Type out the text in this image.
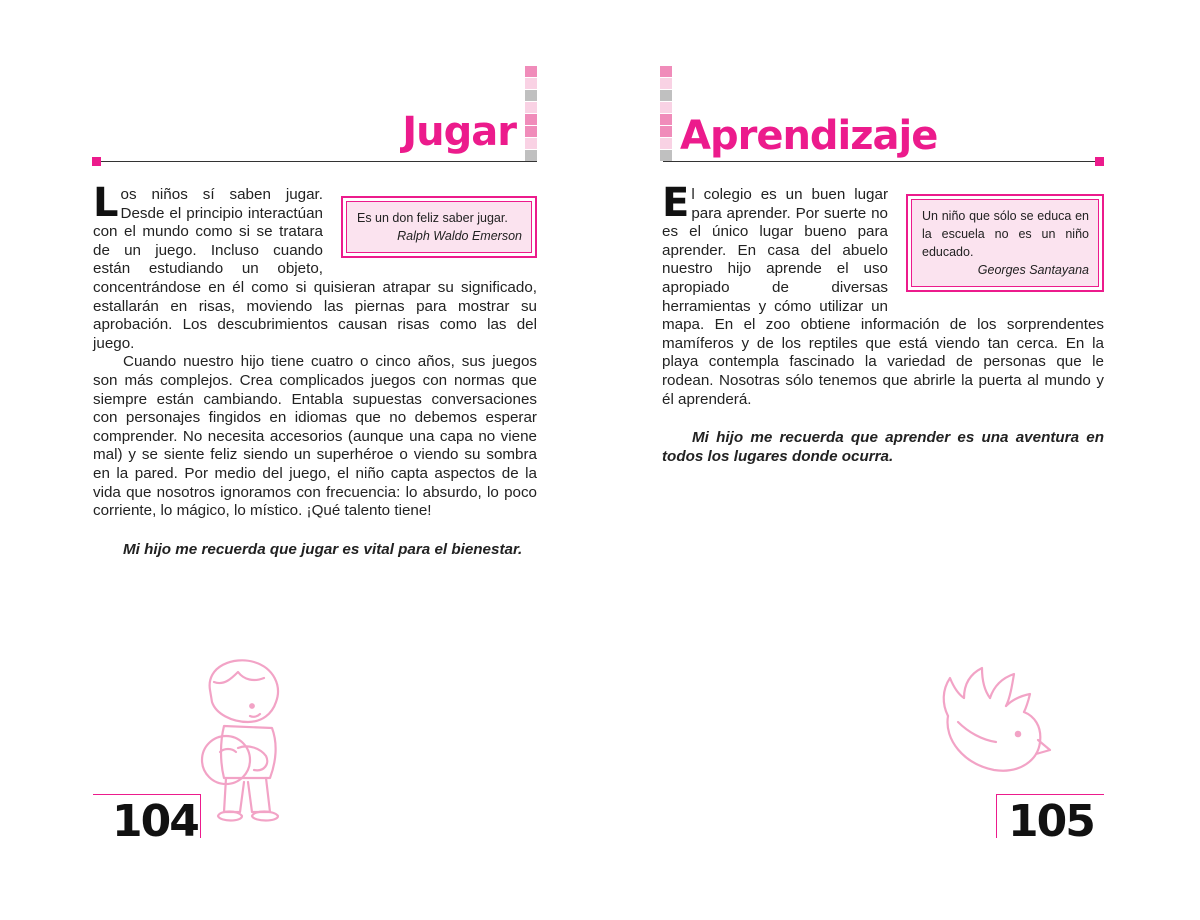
Jugar
Es un don feliz saber jugar.
Ralph Waldo Emerson

Los niños sí saben jugar. Desde el principio interactúan con el mundo como si se tratara de un juego. Incluso cuando están estudiando un objeto, concentrándose en él como si quisieran atrapar su significado, estallarán en risas, moviendo las piernas para mostrar su aprobación. Los descubrimientos causan risas como las del juego.

Cuando nuestro hijo tiene cuatro o cinco años, sus juegos son más complejos. Crea complicados juegos con normas que siempre están cambiando. Entabla supuestas conversaciones con personajes fingidos en idiomas que no debemos esperar comprender. No necesita accesorios (aunque una capa no viene mal) y se siente feliz siendo un superhéroe o viendo su sombra en la pared. Por medio del juego, el niño capta aspectos de la vida que nosotros ignoramos con frecuencia: lo absurdo, lo poco corriente, lo mágico, lo místico. ¡Qué talento tiene!

Mi hijo me recuerda que jugar es vital para el bienestar.

104
Aprendizaje
Un niño que sólo se educa en la escuela no es un niño educado.
Georges Santayana

El colegio es un buen lugar para aprender. Por suerte no es el único lugar bueno para aprender. En casa del abuelo nuestro hijo aprende el uso apropiado de diversas herramientas y cómo utilizar un mapa. En el zoo obtiene información de los sorprendentes mamíferos y de los reptiles que está viendo tan cerca. En la playa contempla fascinado la variedad de personas que le rodean. Nosotras sólo tenemos que abrirle la puerta al mundo y él aprenderá.

Mi hijo me recuerda que aprender es una aventura en todos los lugares donde ocurra.

105
